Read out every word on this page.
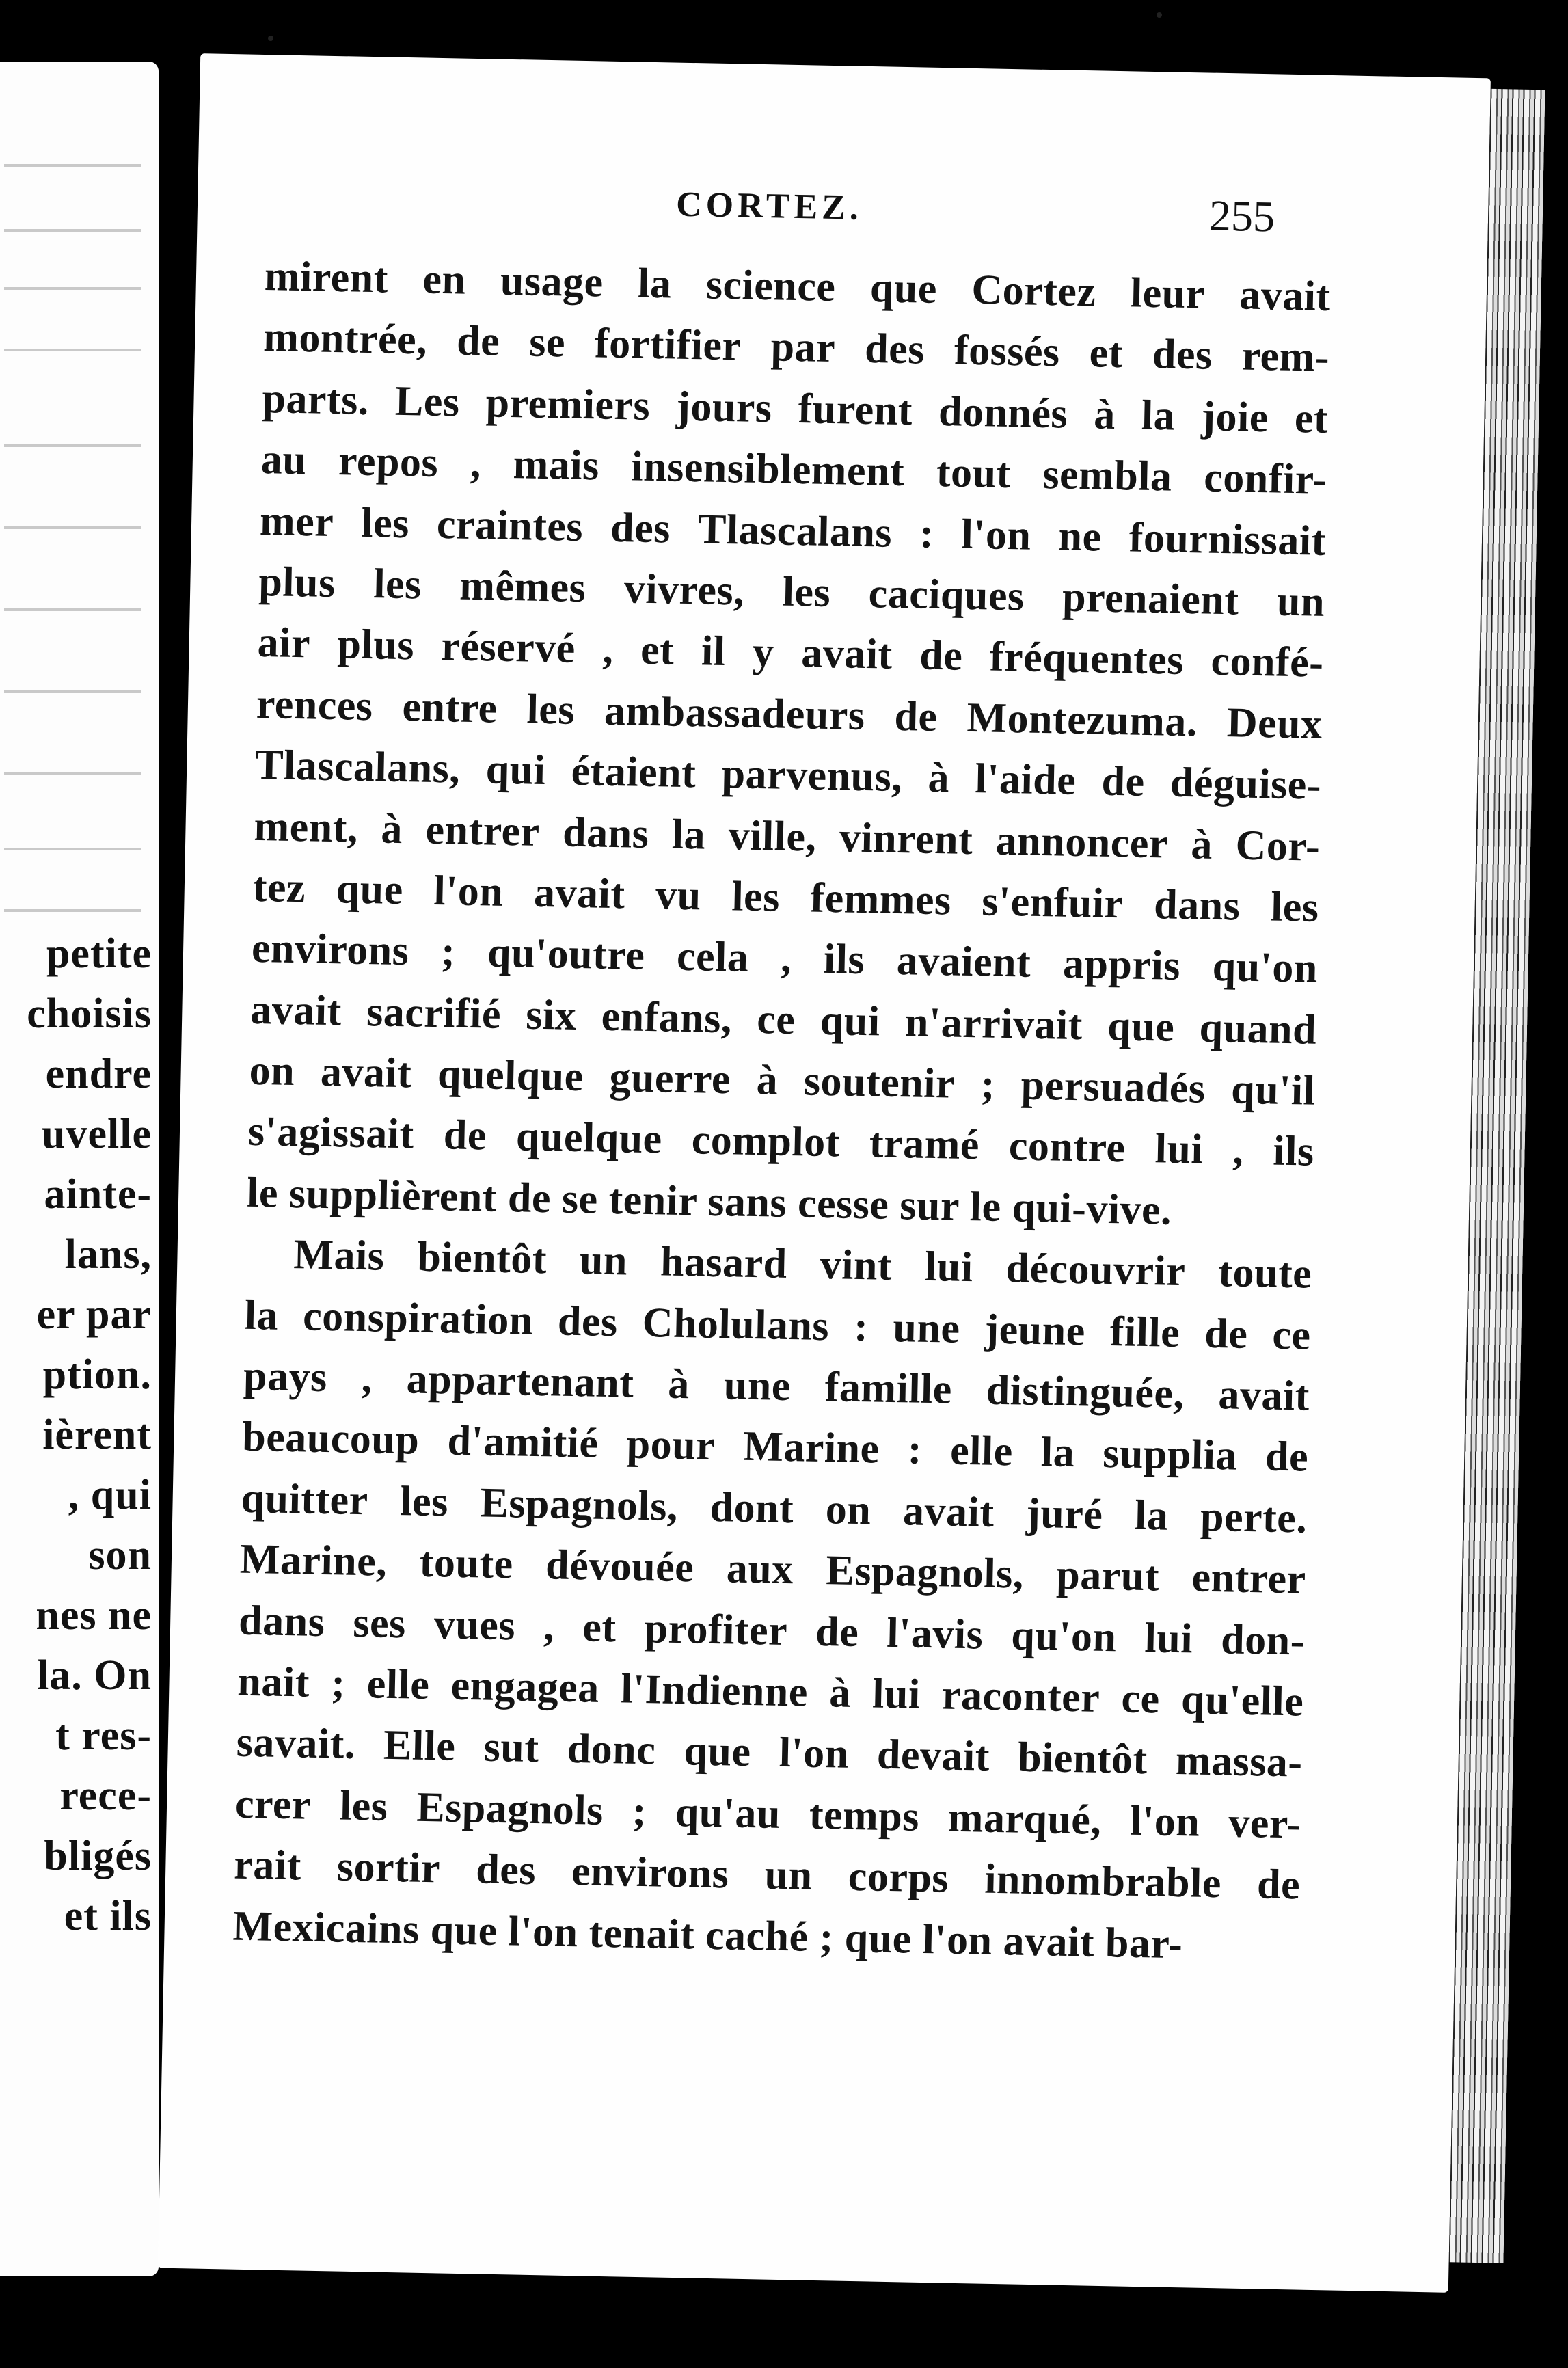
petite
choisis
endre
uvelle
ainte-
lans,
er par
ption.
ièrent
, qui
son
nes ne
la. On
t res-
rece-
bligés
et ils
CORTEZ.	255
mirent en usage la science que Cortez leur avait
montrée, de se fortifier par des fossés et des rem-
parts. Les premiers jours furent donnés à la joie et
au repos , mais insensiblement tout sembla confir-
mer les craintes des Tlascalans : l'on ne fournissait
plus les mêmes vivres, les caciques prenaient un
air plus réservé , et il y avait de fréquentes confé-
rences entre les ambassadeurs de Montezuma. Deux
Tlascalans, qui étaient parvenus, à l'aide de déguise-
ment, à entrer dans la ville, vinrent annoncer à Cor-
tez que l'on avait vu les femmes s'enfuir dans les
environs ; qu'outre cela , ils avaient appris qu'on
avait sacrifié six enfans, ce qui n'arrivait que quand
on avait quelque guerre à soutenir ; persuadés qu'il
s'agissait de quelque complot tramé contre lui , ils
le supplièrent de se tenir sans cesse sur le qui-vive.
Mais bientôt un hasard vint lui découvrir toute
la conspiration des Cholulans : une jeune fille de ce
pays , appartenant à une famille distinguée, avait
beaucoup d'amitié pour Marine : elle la supplia de
quitter les Espagnols, dont on avait juré la perte.
Marine, toute dévouée aux Espagnols, parut entrer
dans ses vues , et profiter de l'avis qu'on lui don-
nait ; elle engagea l'Indienne à lui raconter ce qu'elle
savait. Elle sut donc que l'on devait bientôt massa-
crer les Espagnols ; qu'au temps marqué, l'on ver-
rait sortir des environs un corps innombrable de
Mexicains que l'on tenait caché ; que l'on avait bar-
